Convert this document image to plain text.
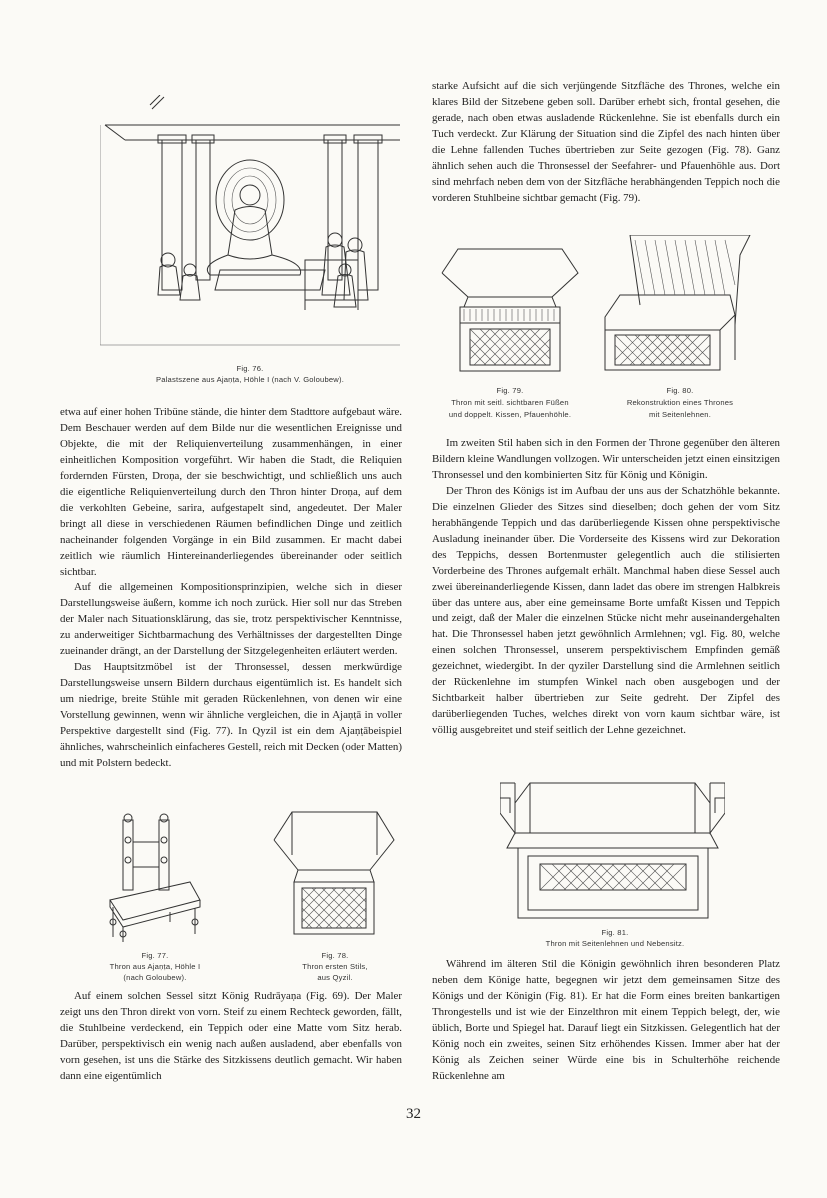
Fig. 76.
Palastszene aus Ajaṇṭa, Höhle I (nach V. Goloubew).

etwa auf einer hohen Tribüne stände, die hinter dem Stadttore aufgebaut wäre. Dem Beschauer werden auf dem Bilde nur die wesentlichen Ereignisse und Objekte, die mit der Reliquienverteilung zusammenhängen, in einer einheitlichen Komposition vorgeführt. Wir haben die Stadt, die Reliquien fordernden Fürsten, Droṇa, der sie beschwichtigt, und schließlich uns auch die eigentliche Reliquienverteilung durch den Thron hinter Droṇa, auf dem die verkohlten Gebeine, sarira, aufgestapelt sind, angedeutet. Der Maler bringt all diese in verschiedenen Räumen befindlichen Dinge und zeitlich nacheinander folgenden Vorgänge in ein Bild zusammen. Er macht dabei zeitlich wie räumlich Hintereinanderliegendes übereinander oder seitlich sichtbar.

Auf die allgemeinen Kompositionsprinzipien, welche sich in dieser Darstellungsweise äußern, komme ich noch zurück. Hier soll nur das Streben der Maler nach Situationsklärung, das sie, trotz perspektivischer Kenntnisse, zu anderweitiger Sichtbarmachung des Verhältnisses der dargestellten Dinge zueinander drängt, an der Darstellung der Sitzgelegenheiten erläutert werden.

Das Hauptsitzmöbel ist der Thronsessel, dessen merkwürdige Darstellungsweise unsern Bildern durchaus eigentümlich ist. Es handelt sich um niedrige, breite Stühle mit geraden Rückenlehnen, von denen wir eine Vorstellung gewinnen, wenn wir ähnliche vergleichen, die in Ajaṇṭā in voller Perspektive dargestellt sind (Fig. 77). In Qyzil ist ein dem Ajaṇṭābeispiel ähnliches, wahrscheinlich einfacheres Gestell, reich mit Decken (oder Matten) und mit Polstern bedeckt.

Fig. 77.
Thron aus Ajaṇṭa, Höhle I
(nach Goloubew).
Fig. 78.
Thron ersten Stils,
aus Qyzil.

Auf einem solchen Sessel sitzt König Rudrāyaṇa (Fig. 69). Der Maler zeigt uns den Thron direkt von vorn. Steif zu einem Rechteck geworden, fällt, die Stuhlbeine verdeckend, ein Teppich oder eine Matte vom Sitz herab. Darüber, perspektivisch ein wenig nach außen ausladend, aber ebenfalls von vorn gesehen, ist uns die Stärke des Sitzkissens deutlich gemacht. Wir haben dann eine eigentümlich

starke Aufsicht auf die sich verjüngende Sitzfläche des Thrones, welche ein klares Bild der Sitzebene geben soll. Darüber erhebt sich, frontal gesehen, die gerade, nach oben etwas ausladende Rückenlehne. Sie ist ebenfalls durch ein Tuch verdeckt. Zur Klärung der Situation sind die Zipfel des nach hinten über die Lehne fallenden Tuches übertrieben zur Seite gezogen (Fig. 78). Ganz ähnlich sehen auch die Thronsessel der Seefahrer- und Pfauenhöhle aus. Dort sind mehrfach neben dem von der Sitzfläche herabhängenden Teppich noch die vorderen Stuhlbeine sichtbar gemacht (Fig. 79).

Fig. 79.
Thron mit seitl. sichtbaren Füßen
und doppelt. Kissen, Pfauenhöhle.
Fig. 80.
Rekonstruktion eines Thrones
mit Seitenlehnen.

Im zweiten Stil haben sich in den Formen der Throne gegenüber den älteren Bildern kleine Wandlungen vollzogen. Wir unterscheiden jetzt einen einsitzigen Thronsessel und den kombinierten Sitz für König und Königin.

Der Thron des Königs ist im Aufbau der uns aus der Schatzhöhle bekannte. Die einzelnen Glieder des Sitzes sind dieselben; doch gehen der vom Sitz herabhängende Teppich und das darüberliegende Kissen ohne perspektivische Ausladung ineinander über. Die Vorderseite des Kissens wird zur Dekoration des Teppichs, dessen Bortenmuster gelegentlich auch die stilisierten Vorderbeine des Thrones aufgemalt erhält. Manchmal haben diese Sessel auch zwei übereinanderliegende Kissen, dann ladet das obere im strengen Halbkreis über das untere aus, aber eine gemeinsame Borte umfaßt Kissen und Teppich und zeigt, daß der Maler die einzelnen Stücke nicht mehr auseinandergehalten hat. Die Thronsessel haben jetzt gewöhnlich Armlehnen; vgl. Fig. 80, welche einen solchen Thronsessel, unserem perspektivischem Empfinden gemäß gezeichnet, wiedergibt. In der qyziler Darstellung sind die Armlehnen seitlich der Rückenlehne im stumpfen Winkel nach oben ausgebogen und der Sichtbarkeit halber übertrieben zur Seite gedreht. Der Zipfel des darüberliegenden Tuches, welches direkt von vorn kaum sichtbar wäre, ist völlig ausgebreitet und steif seitlich der Lehne gezeichnet.

Fig. 81.
Thron mit Seitenlehnen und Nebensitz.

Während im älteren Stil die Königin gewöhnlich ihren besonderen Platz neben dem Könige hatte, begegnen wir jetzt dem gemeinsamen Sitze des Königs und der Königin (Fig. 81). Er hat die Form eines breiten bankartigen Throngestells und ist wie der Einzelthron mit einem Teppich belegt, der, wie üblich, Borte und Spiegel hat. Darauf liegt ein Sitzkissen. Gelegentlich hat der König noch ein zweites, seinen Sitz erhöhendes Kissen. Immer aber hat der König als Zeichen seiner Würde eine bis in Schulterhöhe reichende Rückenlehne am

32
